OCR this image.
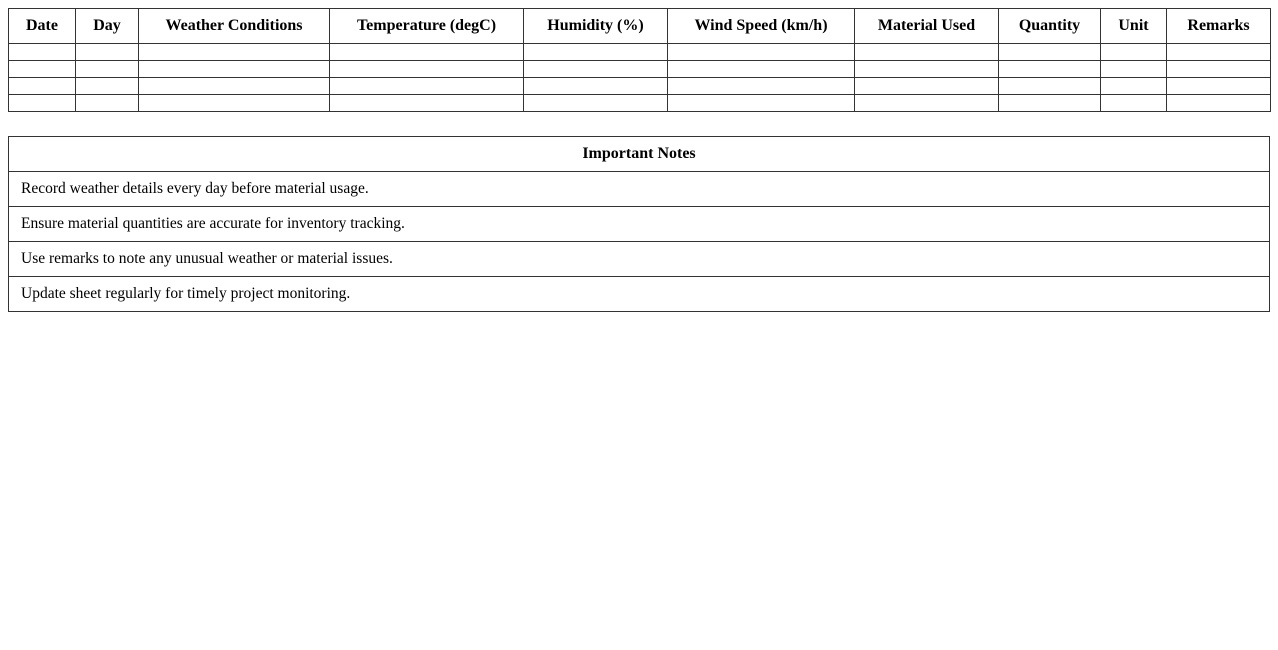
Date	Day	Weather Conditions	Temperature (degC)	Humidity (%)	Wind Speed (km/h)	Material Used	Quantity	Unit	Remarks

Important Notes
Record weather details every day before material usage.
Ensure material quantities are accurate for inventory tracking.
Use remarks to note any unusual weather or material issues.
Update sheet regularly for timely project monitoring.
